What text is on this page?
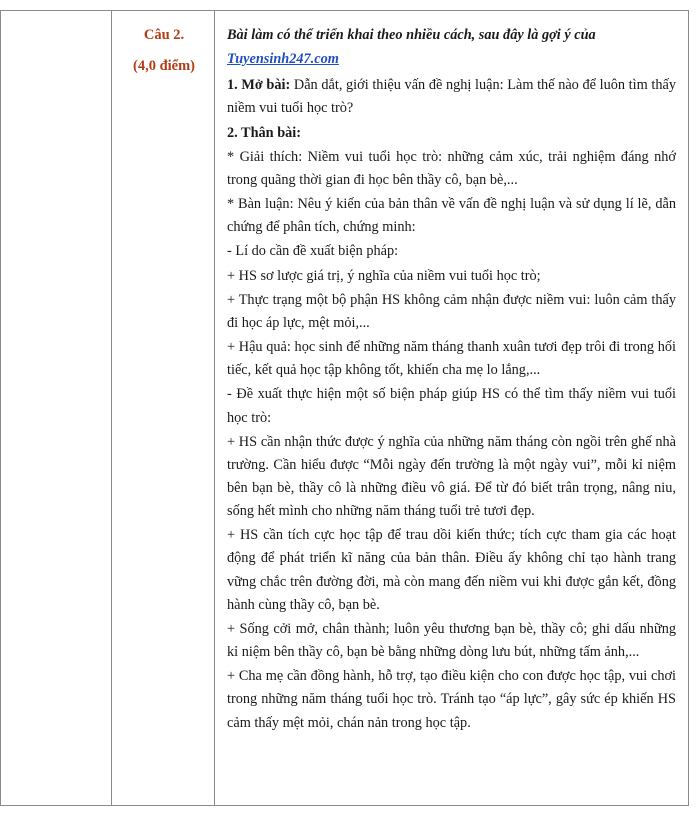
Câu 2.
(4,0 điểm)

Bài làm có thể triển khai theo nhiều cách, sau đây là gợi ý của

Tuyensinh247.com

1. Mở bài: Dẫn dắt, giới thiệu vấn đề nghị luận: Làm thế nào để luôn tìm thấy niềm vui tuổi học trò?

2. Thân bài:

* Giải thích: Niềm vui tuổi học trò: những cảm xúc, trải nghiệm đáng nhớ trong quãng thời gian đi học bên thầy cô, bạn bè,...

* Bàn luận: Nêu ý kiến của bản thân về vấn đề nghị luận và sử dụng lí lẽ, dẫn chứng để phân tích, chứng minh:

- Lí do cần đề xuất biện pháp:

+ HS sơ lược giá trị, ý nghĩa của niềm vui tuổi học trò;

+ Thực trạng một bộ phận HS không cảm nhận được niềm vui: luôn cảm thấy đi học áp lực, mệt mỏi,...

+ Hậu quả: học sinh để những năm tháng thanh xuân tươi đẹp trôi đi trong hối tiếc, kết quả học tập không tốt, khiến cha mẹ lo lắng,...

- Đề xuất thực hiện một số biện pháp giúp HS có thể tìm thấy niềm vui tuổi học trò:

+ HS cần nhận thức được ý nghĩa của những năm tháng còn ngồi trên ghế nhà trường. Cần hiểu được “Mỗi ngày đến trường là một ngày vui”, mỗi kỉ niệm bên bạn bè, thầy cô là những điều vô giá. Để từ đó biết trân trọng, nâng niu, sống hết mình cho những năm tháng tuổi trẻ tươi đẹp.

+ HS cần tích cực học tập để trau dồi kiến thức; tích cực tham gia các hoạt động để phát triển kĩ năng của bản thân. Điều ấy không chỉ tạo hành trang vững chắc trên đường đời, mà còn mang đến niềm vui khi được gắn kết, đồng hành cùng thầy cô, bạn bè.

+ Sống cởi mở, chân thành; luôn yêu thương bạn bè, thầy cô; ghi dấu những kỉ niệm bên thầy cô, bạn bè bằng những dòng lưu bút, những tấm ảnh,...

+ Cha mẹ cần đồng hành, hỗ trợ, tạo điều kiện cho con được học tập, vui chơi trong những năm tháng tuổi học trò. Tránh tạo “áp lực”, gây sức ép khiến HS cảm thấy mệt mỏi, chán nản trong học tập.
